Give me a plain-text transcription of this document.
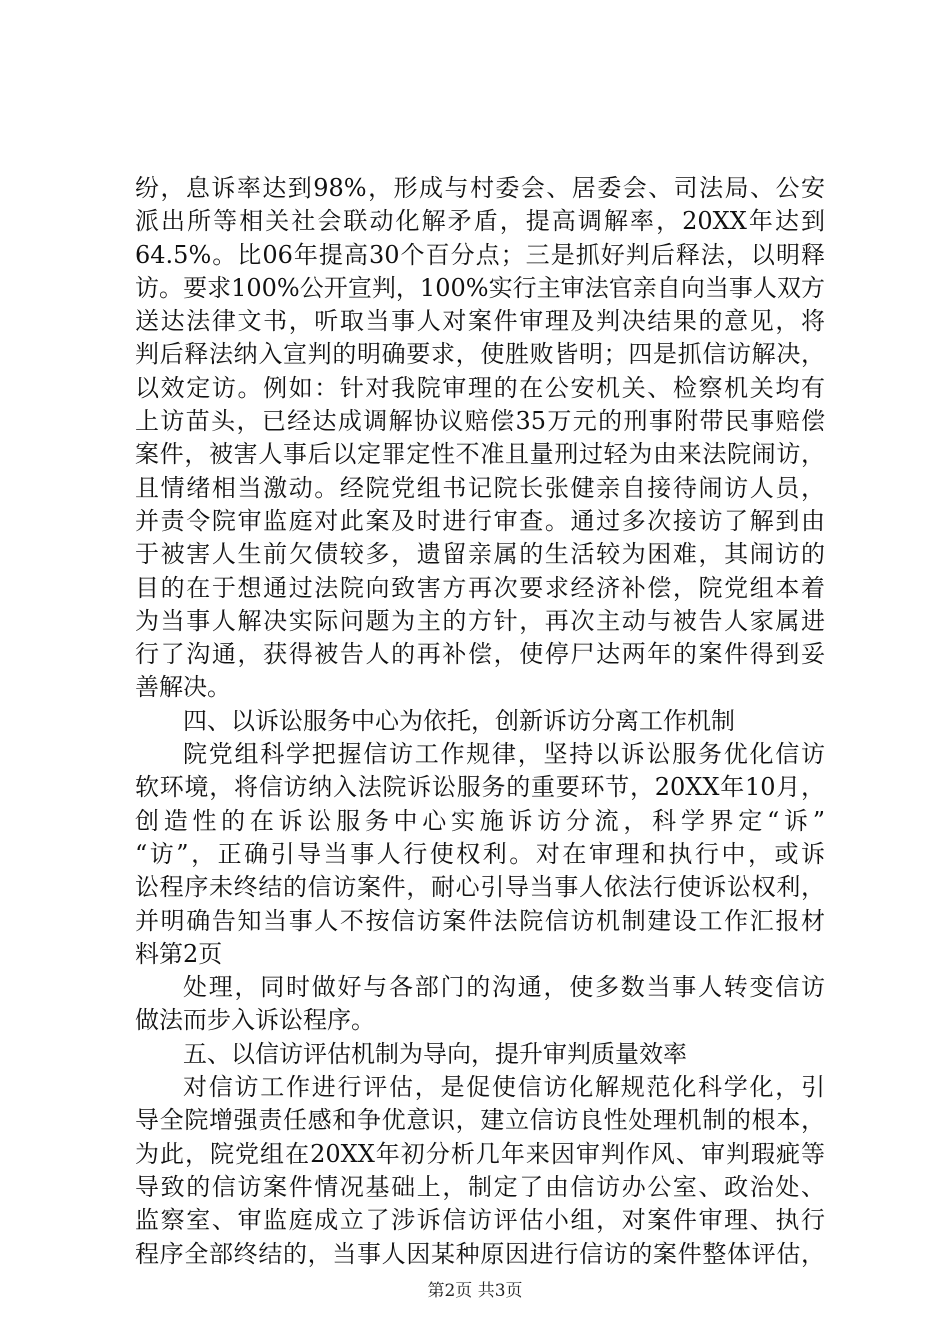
纷，息诉率达到98%，形成与村委会、居委会、司法局、公安
派出所等相关社会联动化解矛盾，提高调解率，20XX年达到
64.5%。比06年提高30个百分点；三是抓好判后释法，以明释
访。要求100%公开宣判，100%实行主审法官亲自向当事人双方
送达法律文书，听取当事人对案件审理及判决结果的意见，将
判后释法纳入宣判的明确要求，使胜败皆明；四是抓信访解决，
以效定访。例如：针对我院审理的在公安机关、检察机关均有
上访苗头，已经达成调解协议赔偿35万元的刑事附带民事赔偿
案件，被害人事后以定罪定性不准且量刑过轻为由来法院闹访，
且情绪相当激动。经院党组书记院长张健亲自接待闹访人员，
并责令院审监庭对此案及时进行审查。通过多次接访了解到由
于被害人生前欠债较多，遗留亲属的生活较为困难，其闹访的
目的在于想通过法院向致害方再次要求经济补偿，院党组本着
为当事人解决实际问题为主的方针，再次主动与被告人家属进
行了沟通，获得被告人的再补偿，使停尸达两年的案件得到妥
善解决。
四、以诉讼服务中心为依托，创新诉访分离工作机制
院党组科学把握信访工作规律，坚持以诉讼服务优化信访
软环境，将信访纳入法院诉讼服务的重要环节，20XX年10月，
创造性的在诉讼服务中心实施诉访分流，科学界定“诉”
“访”，正确引导当事人行使权利。对在审理和执行中，或诉
讼程序未终结的信访案件，耐心引导当事人依法行使诉讼权利，
并明确告知当事人不按信访案件法院信访机制建设工作汇报材
料第2页
处理，同时做好与各部门的沟通，使多数当事人转变信访
做法而步入诉讼程序。
五、以信访评估机制为导向，提升审判质量效率
对信访工作进行评估，是促使信访化解规范化科学化，引
导全院增强责任感和争优意识，建立信访良性处理机制的根本，
为此，院党组在20XX年初分析几年来因审判作风、审判瑕疵等
导致的信访案件情况基础上，制定了由信访办公室、政治处、
监察室、审监庭成立了涉诉信访评估小组，对案件审理、执行
程序全部终结的，当事人因某种原因进行信访的案件整体评估，
第2页 共3页
